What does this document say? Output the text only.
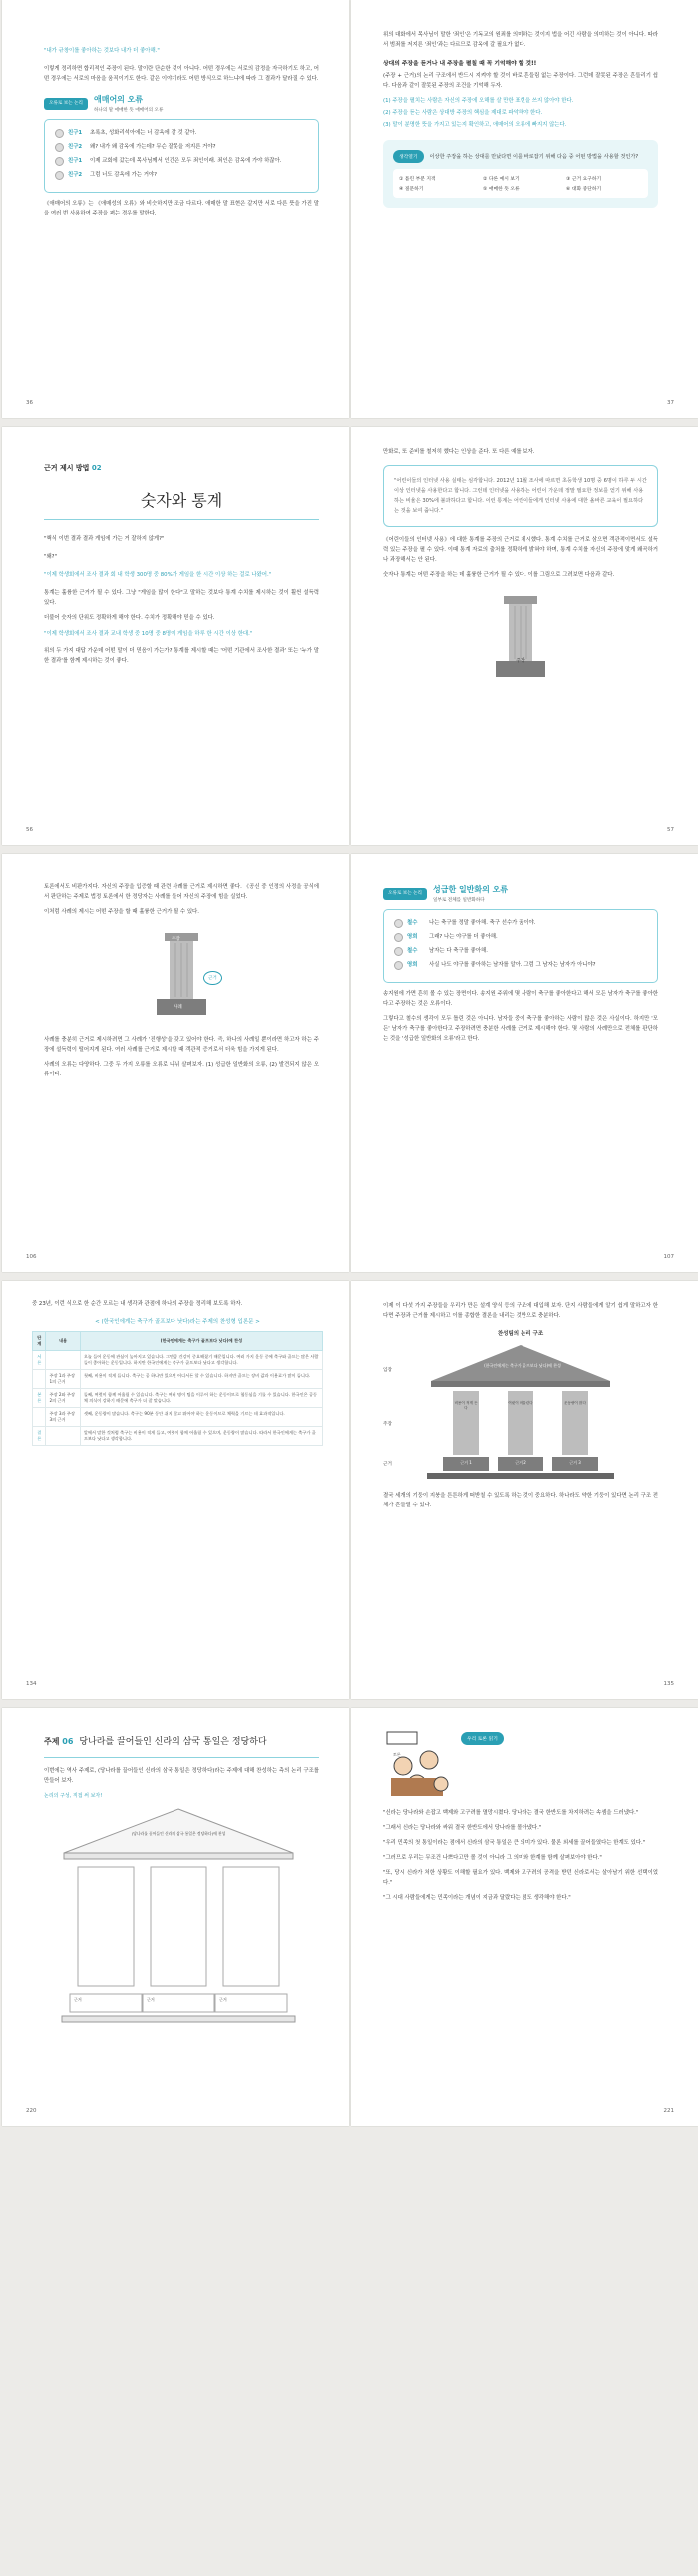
"내가 규창이를 좋아하는 것보다 내가 더 좋아해."

이렇게 정리하면 합리적인 주장이 된다. 말이란 단순한 것이 아니다. 어떤 경우에는 서로의 감정을 자극하기도 하고, 어떤 경우에는 서로의 마음을 움직이기도 한다. 같은 이야기라도 어떤 방식으로 하느냐에 따라 그 결과가 달라질 수 있다.

오류로 보는 논리	애매어의 오류
하나의 말 애매한 뜻 애매어의 오류
친구1	초록초, 성화리석아에는 너 감옥에 갈 것 같아.
친구2	왜? 내가 왜 감옥에 가는데? 무슨 잘못을 저지른 거야?
친구1	이제 교회에 갔는데 목사님께서 인간은 모두 죄인이래. 죄인은 감옥에 가야 하잖아.
친구2	그럼 너도 감옥에 가는 거야?

《애매어의 오류》는 《애매성의 오류》와 비슷하지만 조금 다르다. 애매한 말 표현은 같지만 서로 다른 뜻을 가진 말을 여러 번 사용하여 주장을 펴는 경우를 말한다.

36

위의 대화에서 목사님이 말한 '죄인'은 기독교의 원죄를 의미하는 것이지 법을 어긴 사람을 의미하는 것이 아니다. 따라서 범죄를 저지른 '죄인'과는 다르므로 감옥에 갈 필요가 없다.

상대의 주장을 듣거나 내 주장을 펼칠 때 꼭 기억해야 할 것!!

(주장 + 근거)의 논리 구조에서 반드시 지켜야 할 것이 바로 흔들림 없는 주장이다. 그런데 잘못된 주장은 흔들리기 쉽다. 다음과 같이 잘못된 주장의 조건을 기억해 두자.

(1) 주장을 펼치는 사람은 자신의 주장에 오해를 살 만한 표현을 쓰지 않아야 한다.
(2) 주장을 듣는 사람은 상대방 주장의 핵심을 제대로 파악해야 한다.
(3) 말이 분명한 뜻을 가지고 있는지 확인하고, 애매어의 오류에 빠지지 않는다.
생각열기	이상한 주장을 하는 상대를 만났다면 이를 바로잡기 위해 다음 중 어떤 방법을 사용할 것인가?
① 틀린 부분 지적	② 다른 예시 보기	③ 근거 요구하기
④ 질문하기	⑤ 애매한 뜻 오류	⑥ 대화 중단하기
37
근거 제시 방법 02
숫자와 통계
"핵식 이번 결과 결과 게임에 가는 거 잘하지 않게?"
"왜?"
"이제 학생회에서 조사 결과 회 내 학생 300명 중 80%가 게임을 한 시간 이상 하는 걸로 나왔어."

통계는 훌륭한 근거가 될 수 있다. 그냥 "게임을 많이 한다"고 말하는 것보다 통계 수치를 제시하는 것이 훨씬 설득력 있다.

더불어 숫자의 단위도 정확하게 해야 한다. 수치가 정확해야 믿을 수 있다.

"이제 학생회에서 조사 결과 교내 학생 중 10명 중 8명이 게임을 하루 한 시간 이상 한대."

위의 두 가지 대답 가운데 어떤 말이 더 믿음이 가는가? 통계를 제시할 때는 '어떤 기관에서 조사한 결과' 또는 '누가 말한 결과'를 함께 제시하는 것이 좋다.

56

만화로, 또 준비를 철저히 했다는 인상을 준다. 또 다른 예를 보자.

"어린이들의 인터넷 사용 실태는 심각합니다. 2012년 11월 조사에 따르면 초등학생 10명 중 6명이 하루 두 시간 이상 인터넷을 사용한다고 합니다. 그런데 인터넷을 사용하는 어린이 가운데 정말 필요한 정보를 얻기 위해 사용하는 비율은 30%에 불과하다고 합니다. 이런 통계는 어린이들에게 인터넷 사용에 대한 올바른 교육이 필요하다는 것을 보여 줍니다."

《어린이들의 인터넷 사용》에 대한 통계를 주장의 근거로 제시했다. 통계 수치를 근거로 삼으면 객관적이면서도 설득력 있는 주장을 펼 수 있다. 이때 통계 자료의 출처를 정확하게 밝혀야 하며, 통계 수치를 자신의 주장에 맞게 왜곡하거나 과장해서는 안 된다.

숫자나 통계는 어떤 주장을 하는 데 훌륭한 근거가 될 수 있다. 이를 그림으로 그려보면 다음과 같다.

주장
숫자와 통계
57

토론에서도 비판가지다. 자신의 주장을 입증할 때 관련 사례를 근거로 제시하면 좋다. 《공신 중 인정의 사정을 공식에서 판단하는 주제로 법정 토론에서 한 정당자는 사례를 들어 자신의 주장에 힘을 실었다.

이처럼 사례의 제시는 어떤 주장을 할 때 훌륭한 근거가 될 수 있다.

근거
주장
사례

사례를 충분히 근거로 제시하려면 그 사례가 '진행성'을 갖고 있어야 한다. 즉, 하나의 사례일 뿐이라면 하고자 하는 주장에 설득력이 떨어지게 된다. 여러 사례를 근거로 제시할 때 객관적 증거로서 더욱 힘을 가지게 된다.

사례의 오류는 다양하다. 그중 두 가지 오류를 오류로 나뉘 살펴보자. (1) 성급한 일반화의 오류, (2) 발견되지 않은 오류이다.

106
오류로 보는 논리	성급한 일반화의 오류
일부로 전체를 일반화하다
철수	나는 축구를 정말 좋아해. 축구 선수가 꿈이야.
영희	그래? 나는 야구를 더 좋아해.
철수	남자는 다 축구를 좋아해.
영희	사실 나도 야구를 좋아하는 남자를 알아. 그럼 그 남자는 남자가 아니야?

송지원에 가면 흔히 볼 수 있는 장면이다. 송지원 주위에 몇 사람이 축구를 좋아한다고 해서 모든 남자가 축구를 좋아한다고 주장하는 것은 오류이다.

그렇다고 철수의 생각이 모두 틀린 것은 아니다. 남자들 중에 축구를 좋아하는 사람이 많은 것은 사실이다. 하지만 '모든' 남자가 축구를 좋아한다고 주장하려면 충분한 사례를 근거로 제시해야 한다. 몇 사람의 사례만으로 전체를 판단하는 것을 '성급한 일반화의 오류'라고 한다.

107

중 23년, 이런 식으로 한 순간 모르는 내 생각과 관점에 하나의 주장을 정리해 보도록 하자.

< (한국인에게는 축구가 골프보다 낫다)라는 주제의 찬성형 입론문 >
단계	내용	(한국인에게는 축구가 골프보다 낫다)에 찬성
서론		오늘 들어 운동에 관심이 높아지고 있습니다. 그만큼 건강이 중요해졌기 때문입니다. 여러 가지 운동 중에 축구와 골프는 많은 사람들이 좋아하는 운동입니다. 하지만 한국인에게는 축구가 골프보다 낫다고 생각합니다.
	주장 1과 주장 1의 근거	첫째, 비용이 적게 듭니다. 축구는 공 하나만 있으면 어디서든 할 수 있습니다. 하지만 골프는 장비 값과 이용료가 많이 듭니다.
본론	주장 2와 주장 2의 근거	둘째, 여럿이 함께 어울릴 수 있습니다. 축구는 여러 명이 팀을 이루어 하는 운동이므로 협동심을 기를 수 있습니다. 한국인은 공동체 의식이 강하기 때문에 축구가 더 잘 맞습니다.
	주장 3과 주장 3의 근거	셋째, 운동량이 많습니다. 축구는 90분 동안 쉬지 않고 뛰어야 하는 운동이므로 체력을 기르는 데 효과적입니다.
결론		앞에서 말한 것처럼 축구는 비용이 적게 들고, 여럿이 함께 어울릴 수 있으며, 운동량이 많습니다. 따라서 한국인에게는 축구가 골프보다 낫다고 생각합니다.
134

이제 이 다섯 가지 주장들을 우리가 만든 설계 양식 등의 구조에 대입해 보자. 단지 사람들에게 알기 쉽게 말하고자 한다면 주장과 근거를 제시하고 이를 종합한 결론을 내리는 것만으로 충분하다.

찬성팀의 논리 구조
입장
(한국인에게는 축구가 골프보다 낫다)에 찬성
주장
근거
비용이 적게 든다
여럿이 어울린다	운동량이 많다
근거 1	근거 2	근거 3

결국 세개의 기둥이 지붕을 튼튼하게 떠받칠 수 있도록 하는 것이 중요하다. 하나라도 약한 기둥이 있다면 논리 구조 전체가 흔들릴 수 있다.

135
주제 06 당나라를 끌어들인 신라의 삼국 통일은 정당하다

이번에는 역사 주제로, (당나라를 끌어들인 신라의 삼국 통일은 정당하다)라는 주제에 대해 찬성하는 측의 논리 구조를 만들어 보자.

논리의 구성, 직접 써 보자!
(당나라를 끌어들인 신라의 삼국 통일은 정당하다)에 찬성
근거	근거	근거
220
토론
우리 토론 읽기

"신라는 당나라와 손잡고 백제와 고구려를 멸망시켰다. 당나라는 결국 한반도를 차지하려는 속셈을 드러냈다."

"그래서 신라는 당나라와 싸워 결국 한반도에서 당나라를 몰아냈다."

"우리 민족의 첫 통일이라는 점에서 신라의 삼국 통일은 큰 의미가 있다. 물론 외세를 끌어들였다는 한계도 있다."

"그러므로 우리는 무조건 나쁘다고만 볼 것이 아니라 그 의미와 한계를 함께 살펴보아야 한다."

"또, 당시 신라가 처한 상황도 이해할 필요가 있다. 백제와 고구려의 공격을 받던 신라로서는 살아남기 위한 선택이었다."

"그 시대 사람들에게는 민족이라는 개념이 지금과 달랐다는 점도 생각해야 한다."

221
